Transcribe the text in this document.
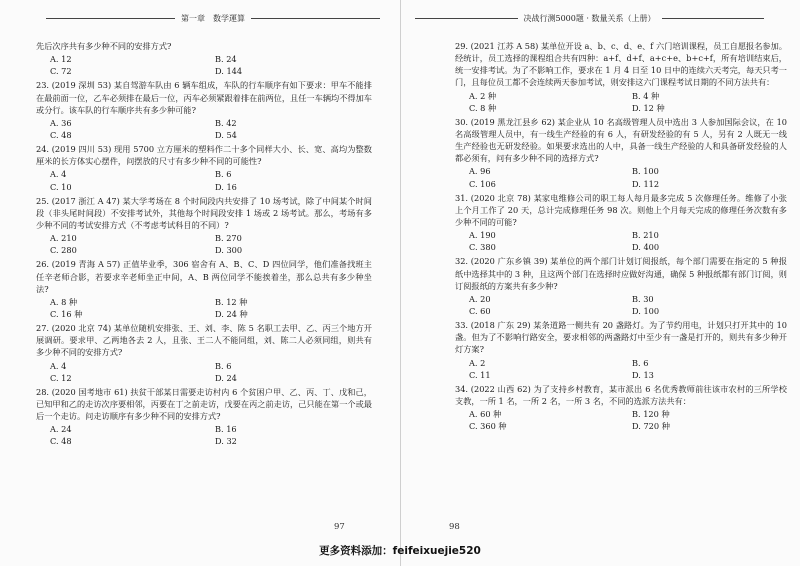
第一章　数学運算
先后次序共有多少种不同的安排方式?
A. 12	B. 24
C. 72	D. 144
23. (2019 深圳 53) 某自驾游车队由 6 辆车组成，车队的行车顺序有如下要求：甲车不能排在最前面一位，乙车必须排在最后一位，丙车必须紧跟着排在前两位，且任一车辆均不得加车或分行。该车队的行车顺序共有多少种可能?
A. 36	B. 42
C. 48	D. 54
24. (2019 四川 53) 现用 5700 立方厘米的塑料作二十多个同样大小、长、宽、高均为整数厘米的长方体实心摆件，问摆放的尺寸有多少种不同的可能性?
A. 4	B. 6
C. 10	D. 16
25. (2017 浙江 A 47) 某大学考场在 8 个时间段内共安排了 10 场考试，除了中间某个时间段（非头尾时间段）不安排考试外，其他每个时间段安排 1 场或 2 场考试。那么，考场有多少种不同的考试安排方式（不考虑考试科目的不同）?
A. 210	B. 270
C. 280	D. 300
26. (2019 青海 A 57) 正值毕业季，306 宿舍有 A、B、C、D 四位同学，他们准备找班主任辛老师合影，若要求辛老师坐正中间，A、B 两位同学不能挨着坐，那么总共有多少种坐法?
A. 8 种	B. 12 种
C. 16 种	D. 24 种
27. (2020 北京 74) 某单位随机安排张、王、刘、李、陈 5 名职工去甲、乙、丙三个地方开展调研。要求甲、乙两地各去 2 人，且张、王二人不能同组，刘、陈二人必须同组，则共有多少种不同的安排方式?
A. 4	B. 6
C. 12	D. 24
28. (2020 国考地市 61) 扶贫干部某日需要走访村内 6 个贫困户甲、乙、丙、丁、戊和己，已知甲和乙的走访次序要相邻，丙要在丁之前走访，戊要在丙之前走访，己只能在第一个或最后一个走访。问走访顺序有多少种不同的安排方式?
A. 24	B. 16
C. 48	D. 32
97
决战行测5000题 · 数量关系（上册）
29. (2021 江苏 A 58) 某单位开设 a、b、c、d、e、f 六门培训课程，员工自愿报名参加。经统计，员工选择的课程组合共有四种：a+f、d+f、a+c+e、b+c+f，所有培训结束后，统一安排考试。为了不影响工作，要求在 1 月 4 日至 10 日中的连续六天考完，每天只考一门，且每位员工都不会连续两天参加考试，则安排这六门课程考试日期的不同方法共有：
A. 2 种	B. 4 种
C. 8 种	D. 12 种
30. (2019 黑龙江县乡 62) 某企业从 10 名高级管理人员中选出 3 人参加国际会议，在 10 名高级管理人员中，有一线生产经验的有 6 人，有研发经验的有 5 人，另有 2 人既无一线生产经验也无研发经验。如果要求选出的人中，具备一线生产经验的人和具备研发经验的人都必须有，问有多少种不同的选择方式?
A. 96	B. 100
C. 106	D. 112
31. (2020 北京 78) 某家电维修公司的职工每人每月最多完成 5 次修理任务。维修了小张上个月工作了 20 天，总计完成修理任务 98 次。则他上个月每天完成的修理任务次数有多少种不同的可能?
A. 190	B. 210
C. 380	D. 400
32. (2020 广东乡镇 39) 某单位的两个部门计划订阅报纸，每个部门需要在指定的 5 种报纸中选择其中的 3 种，且这两个部门在选择时应做好沟通，确保 5 种报纸都有部门订阅，则订阅报纸的方案共有多少种?
A. 20	B. 30
C. 60	D. 100
33. (2018 广东 29) 某条道路一侧共有 20 盏路灯。为了节约用电，计划只打开其中的 10 盏。但为了不影响行路安全，要求相邻的两盏路灯中至少有一盏是打开的，则共有多少种开灯方案?
A. 2	B. 6
C. 11	D. 13
34. (2022 山西 62) 为了支持乡村教育，某市派出 6 名优秀教师前往该市农村的三所学校支教，一所 1 名，一所 2 名，一所 3 名，不同的选派方法共有：
A. 60 种	B. 120 种
C. 360 种	D. 720 种
98
更多资料添加：feifeixuejie520
